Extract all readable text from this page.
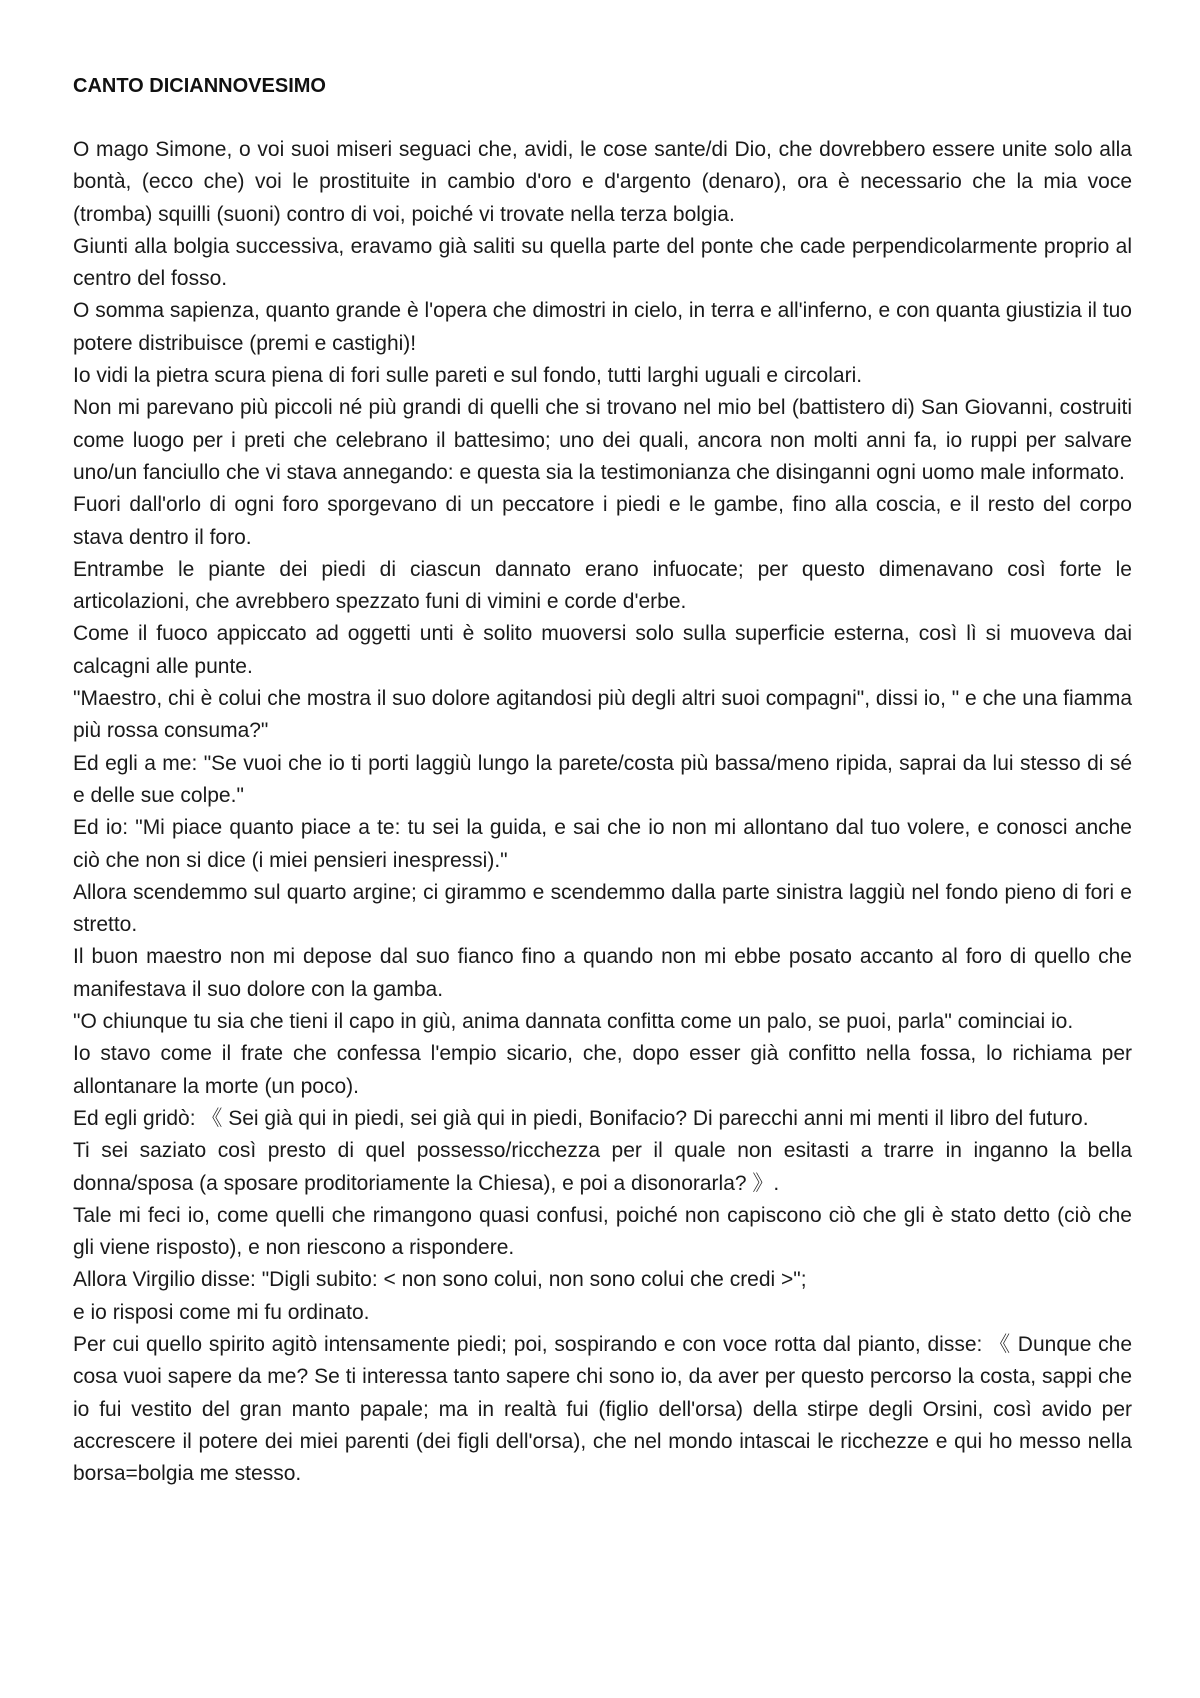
CANTO DICIANNOVESIMO

O mago Simone, o voi suoi miseri seguaci che, avidi, le cose sante/di Dio, che dovrebbero essere unite solo alla bontà, (ecco che) voi le prostituite in cambio d'oro e d'argento (denaro), ora è necessario che la mia voce (tromba) squilli (suoni) contro di voi, poiché vi trovate nella terza bolgia.

Giunti alla bolgia successiva, eravamo già saliti su quella parte del ponte che cade perpendicolarmente proprio al centro del fosso.

O somma sapienza, quanto grande è l'opera che dimostri in cielo, in terra e all'inferno, e con quanta giustizia il tuo potere distribuisce (premi e castighi)!

Io vidi la pietra scura piena di fori sulle pareti e sul fondo, tutti larghi uguali e circolari.

Non mi parevano più piccoli né più grandi di quelli che si trovano nel mio bel (battistero di) San Giovanni, costruiti come luogo per i preti che celebrano il battesimo; uno dei quali, ancora non molti anni fa, io ruppi per salvare uno/un fanciullo che vi stava annegando: e questa sia la testimonianza che disinganni ogni uomo male informato.

Fuori dall'orlo di ogni foro sporgevano di un peccatore i piedi e le gambe, fino alla coscia, e il resto del corpo stava dentro il foro.

Entrambe le piante dei piedi di ciascun dannato erano infuocate; per questo dimenavano così forte le articolazioni, che avrebbero spezzato funi di vimini e corde d'erbe.

Come il fuoco appiccato ad oggetti unti è solito muoversi solo sulla superficie esterna, così lì si muoveva dai calcagni alle punte.

"Maestro, chi è colui che mostra il suo dolore agitandosi più degli altri suoi compagni", dissi io, " e che una fiamma più rossa consuma?"

Ed egli a me: "Se vuoi che io ti porti laggiù lungo la parete/costa più bassa/meno ripida, saprai da lui stesso di sé e delle sue colpe."

Ed io: "Mi piace quanto piace a te: tu sei la guida, e sai che io non mi allontano dal tuo volere, e conosci anche ciò che non si dice (i miei pensieri inespressi)."

Allora scendemmo sul quarto argine; ci girammo e scendemmo dalla parte sinistra laggiù nel fondo pieno di fori e stretto.

Il buon maestro non mi depose dal suo fianco fino a quando non mi ebbe posato accanto al foro di quello che manifestava il suo dolore con la gamba.

"O chiunque tu sia che tieni il capo in giù, anima dannata confitta come un palo, se puoi, parla" cominciai io.

Io stavo come il frate che confessa l'empio sicario, che, dopo esser già confitto nella fossa, lo richiama per allontanare la morte (un poco).

Ed egli gridò: 《 Sei già qui in piedi, sei già qui in piedi, Bonifacio? Di parecchi anni mi menti il libro del futuro.

Ti sei saziato così presto di quel possesso/ricchezza per il quale non esitasti a trarre in inganno la bella donna/sposa (a sposare proditoriamente la Chiesa), e poi a disonorarla? 》.

Tale mi feci io, come quelli che rimangono quasi confusi, poiché non capiscono ciò che gli è stato detto (ciò che gli viene risposto), e non riescono a rispondere.

Allora Virgilio disse: "Digli subito: < non sono colui, non sono colui che credi >";

e io risposi come mi fu ordinato.

Per cui quello spirito agitò intensamente piedi; poi, sospirando e con voce rotta dal pianto, disse: 《 Dunque che cosa vuoi sapere da me? Se ti interessa tanto sapere chi sono io, da aver per questo percorso la costa, sappi che io fui vestito del gran manto papale; ma in realtà fui (figlio dell'orsa) della stirpe degli Orsini, così avido per accrescere il potere dei miei parenti (dei figli dell'orsa), che nel mondo intascai le ricchezze e qui ho messo nella borsa=bolgia me stesso.
